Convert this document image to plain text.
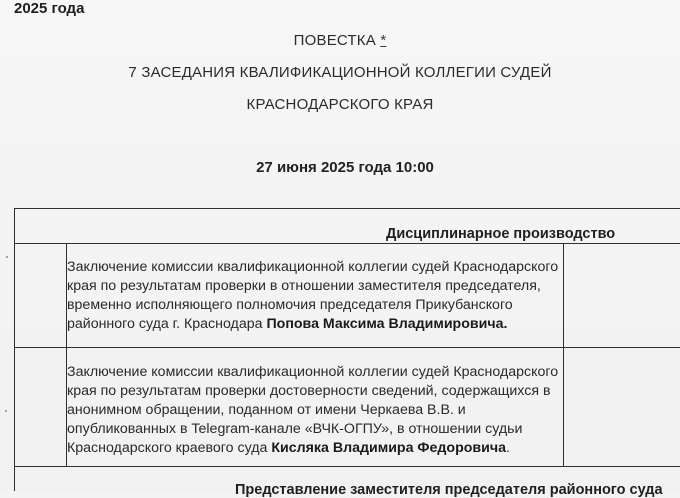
2025 года
ПОВЕСТКА *
7 ЗАСЕДАНИЯ КВАЛИФИКАЦИОННОЙ КОЛЛЕГИИ СУДЕЙ
КРАСНОДАРСКОГО КРАЯ
27 июня 2025 года 10:00
Дисциплинарное производство
Заключение комиссии квалификационной коллегии судей Краснодарского края по результатам проверки в отношении заместителя председателя, временно исполняющего полномочия председателя Прикубанского районного суда г. Краснодара Попова Максима Владимировича.
Заключение комиссии квалификационной коллегии судей Краснодарского края по результатам проверки достоверности сведений, содержащихся в анонимном обращении, поданном от имени Черкаева В.В. и опубликованных в Telegram-канале «ВЧК-ОГПУ», в отношении судьи Краснодарского краевого суда Кисляка Владимира Федоровича.
Представление заместителя председателя районного суда
